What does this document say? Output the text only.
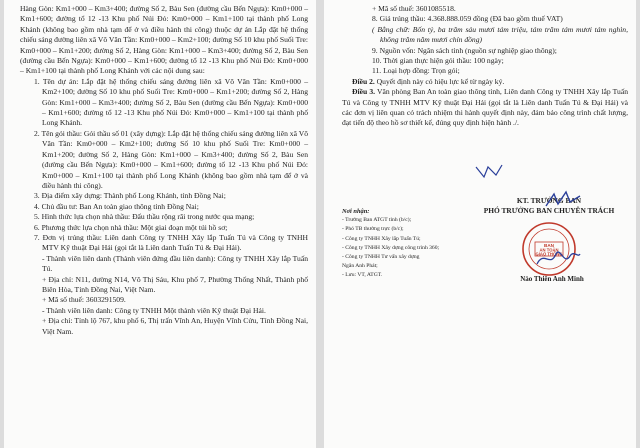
Hàng Gòn: Km1+000 – Km3+400; đường Số 2, Bàu Sen (đường cầu Bến Ngựa): Km0+000 – Km1+600; đường tổ 12 -13 Khu phố Núi Đỏ: Km0+000 – Km1+100 tại thành phố Long Khánh (không bao gồm nhà tạm để ở và điều hành thi công) thuộc dự án Lắp đặt hệ thống chiếu sáng đường liên xã Võ Văn Tần: Km0+000 – Km2+100; đường Số 10 khu phố Suối Tre: Km0+000 – Km1+200; đường Số 2, Hàng Gòn: Km1+000 – Km3+400; đường Số 2, Bàu Sen (đường cầu Bến Ngựa): Km0+000 – Km1+600; đường tổ 12 -13 Khu phố Núi Đỏ: Km0+000 – Km1+100 tại thành phố Long Khánh với các nội dung sau:

1. Tên dự án: Lắp đặt hệ thống chiếu sáng đường liên xã Võ Văn Tần: Km0+000 – Km2+100; đường Số 10 khu phố Suối Tre: Km0+000 – Km1+200; đường Số 2, Hàng Gòn: Km1+000 – Km3+400; đường Số 2, Bàu Sen (đường cầu Bến Ngựa): Km0+000 – Km1+600; đường tổ 12 -13 Khu phố Núi Đỏ: Km0+000 – Km1+100 tại thành phố Long Khánh.

2. Tên gói thầu: Gói thầu số 01 (xây dựng): Lắp đặt hệ thống chiếu sáng đường liên xã Võ Văn Tần: Km0+000 – Km2+100; đường Số 10 khu phố Suối Tre: Km0+000 – Km1+200; đường Số 2, Hàng Gòn: Km1+000 – Km3+400; đường Số 2, Bàu Sen (đường cầu Bến Ngựa): Km0+000 – Km1+600; đường tổ 12 -13 Khu phố Núi Đỏ: Km0+000 – Km1+100 tại thành phố Long Khánh (không bao gồm nhà tạm để ở và điều hành thi công).

3. Địa điểm xây dựng: Thành phố Long Khánh, tỉnh Đồng Nai;

4. Chủ đầu tư: Ban An toàn giao thông tỉnh Đồng Nai;

5. Hình thức lựa chọn nhà thầu: Đấu thầu rộng rãi trong nước qua mạng;

6. Phương thức lựa chọn nhà thầu: Một giai đoạn một túi hồ sơ;

7. Đơn vị trúng thầu: Liên danh Công ty TNHH Xây lắp Tuấn Tú và Công ty TNHH MTV Kỹ thuật Đại Hải (gọi tắt là Liên danh Tuấn Tú & Đại Hải).

- Thành viên liên danh (Thành viên đứng đầu liên danh): Công ty TNHH Xây lắp Tuấn Tú.

+ Địa chỉ: N11, đường N14, Võ Thị Sáu, Khu phố 7, Phường Thống Nhất, Thành phố Biên Hòa, Tỉnh Đồng Nai, Việt Nam.

+ Mã số thuế: 3603291509.

- Thành viên liên danh: Công ty TNHH Một thành viên Kỹ thuật Đại Hải.

+ Địa chỉ: Tỉnh lộ 767, khu phố 6, Thị trấn Vĩnh An, Huyện Vĩnh Cửu, Tỉnh Đồng Nai, Việt Nam.

+ Mã số thuế: 3601085518.

8. Giá trúng thầu: 4.368.888.059 đồng (Đã bao gồm thuế VAT)

( Bằng chữ: Bốn tỷ, ba trăm sáu mươi tám triệu, tám trăm tám mươi tám nghìn, không trăm năm mươi chín đồng)

9. Nguồn vốn: Ngân sách tỉnh (nguồn sự nghiệp giao thông);

10. Thời gian thực hiện gói thầu: 100 ngày;

11. Loại hợp đồng: Trọn gói;

Điều 2. Quyết định này có hiệu lực kể từ ngày ký.

Điều 3. Văn phòng Ban An toàn giao thông tỉnh, Liên danh Công ty TNHH Xây lắp Tuấn Tú và Công ty TNHH MTV Kỹ thuật Đại Hải (gọi tắt là Liên danh Tuấn Tú & Đại Hải) và các đơn vị liên quan có trách nhiệm thi hành quyết định này, đảm bảo công trình chất lượng, đạt tiến độ theo hồ sơ thiết kế, đúng quy định hiện hành ./.

Nơi nhận:
- Trưởng Ban ATGT tỉnh (b/c);
- Phó TB thường trực (b/c);
- Công ty TNHH Xây lắp Tuấn Tú;
- Công ty TNHH Xây dựng công trình 360;
- Công ty TNHH Tư vấn xây dựng
Ngân Anh Phát;
- Lưu: VT, ATGT.
KT. TRƯỞNG BAN
PHÓ TRƯỞNG BAN CHUYÊN TRÁCH
BAN
AN TOÀN
GIAO THÔNG
Nào Thiên Anh Minh
